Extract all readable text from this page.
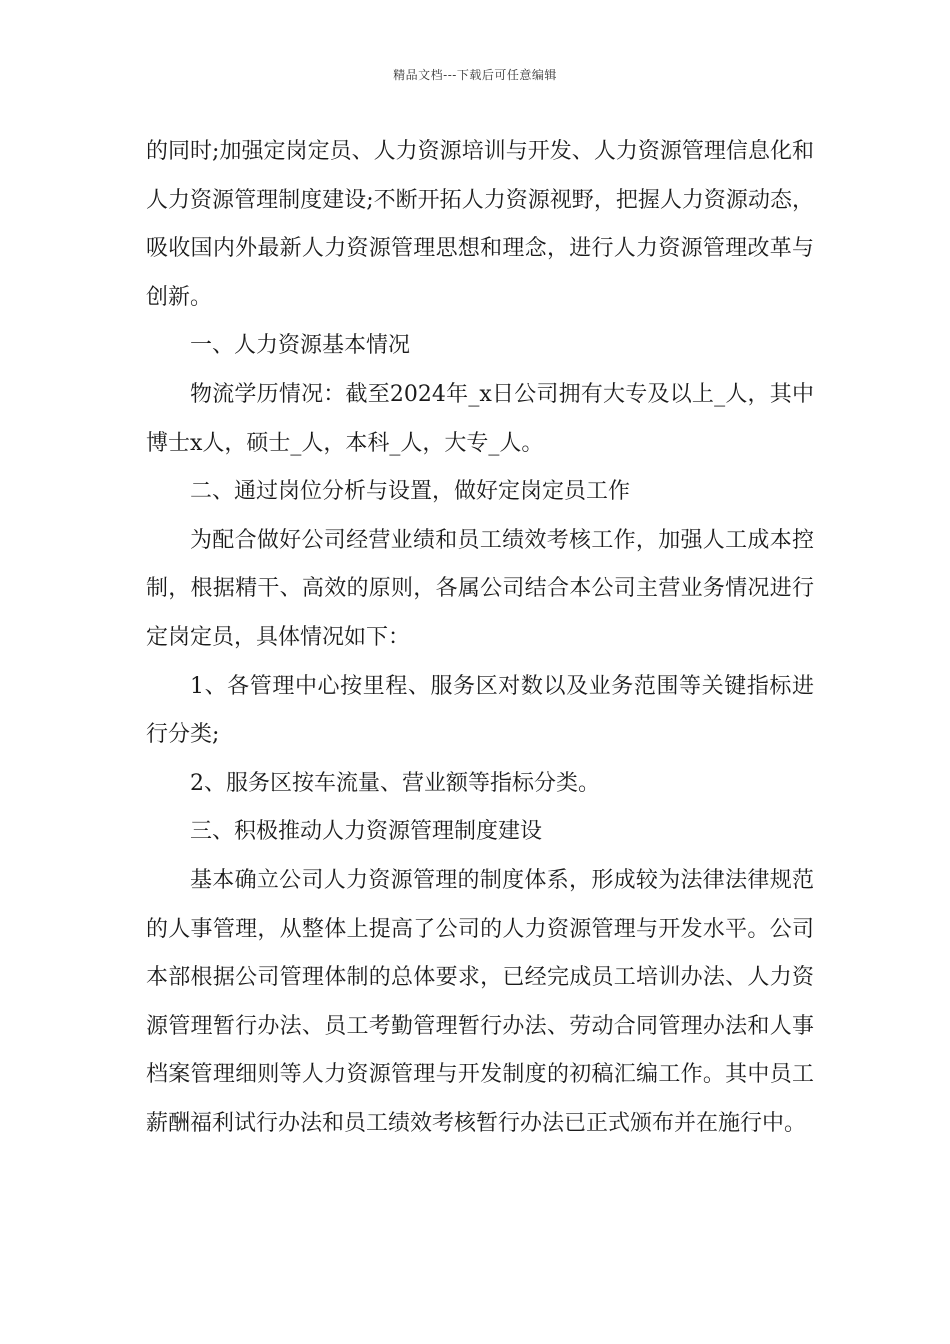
精品文档---下载后可任意编辑

的同时;加强定岗定员、人力资源培训与开发、人力资源管理信息化和人力资源管理制度建设;不断开拓人力资源视野，把握人力资源动态，吸收国内外最新人力资源管理思想和理念，进行人力资源管理改革与创新。

一、人力资源基本情况

物流学历情况：截至2024年_x日公司拥有大专及以上_人，其中博士x人，硕士_人，本科_人，大专_人。

二、通过岗位分析与设置，做好定岗定员工作

为配合做好公司经营业绩和员工绩效考核工作，加强人工成本控制，根据精干、高效的原则，各属公司结合本公司主营业务情况进行定岗定员，具体情况如下：

1、各管理中心按里程、服务区对数以及业务范围等关键指标进行分类;

2、服务区按车流量、营业额等指标分类。

三、积极推动人力资源管理制度建设

基本确立公司人力资源管理的制度体系，形成较为法律法律规范的人事管理，从整体上提高了公司的人力资源管理与开发水平。公司本部根据公司管理体制的总体要求，已经完成员工培训办法、人力资源管理暂行办法、员工考勤管理暂行办法、劳动合同管理办法和人事档案管理细则等人力资源管理与开发制度的初稿汇编工作。其中员工薪酬福利试行办法和员工绩效考核暂行办法已正式颁布并在施行中。
